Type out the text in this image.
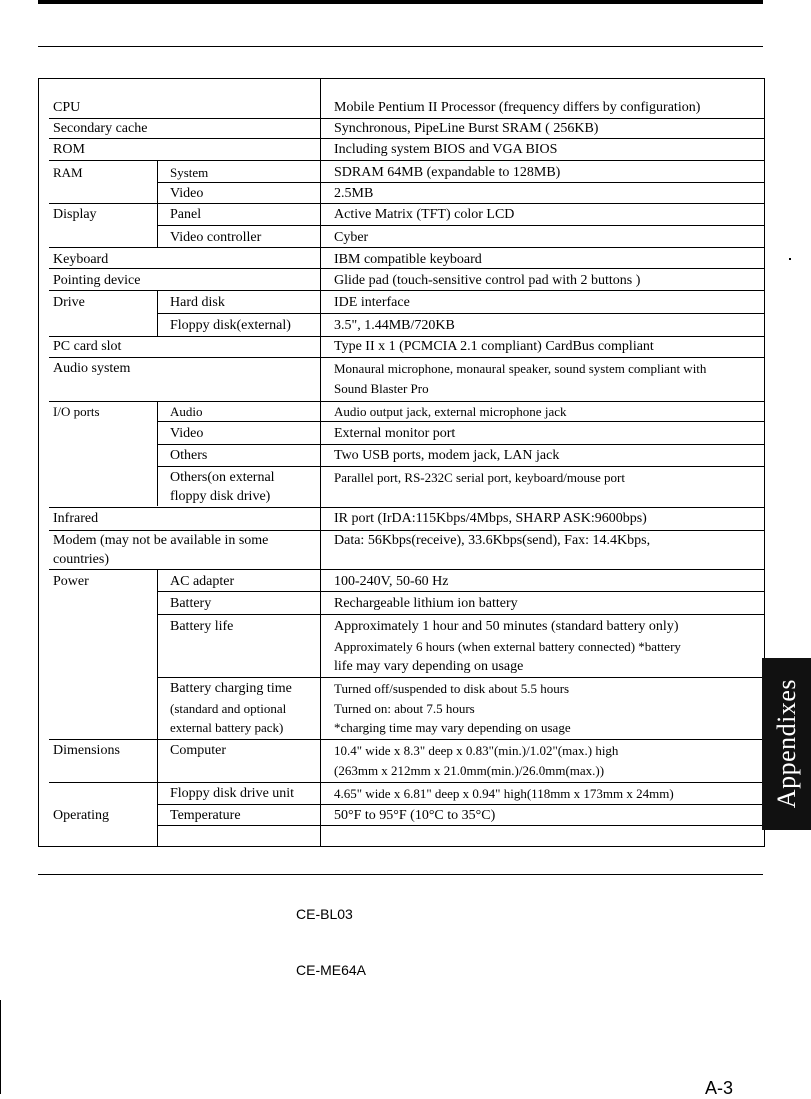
CPU
Secondary cache
ROM
RAM
Display
Keyboard
Pointing device
Drive
PC card slot
Audio system
I/O ports
Infrared
Modem (may not be available in some
countries)
Power
Dimensions
Operating
System
Video
Panel
Video controller
Hard disk
Floppy disk(external)
Audio
Video
Others
Others(on external
floppy disk drive)
AC adapter
Battery
Battery life
Battery charging time
(standard and optional
external battery pack)
Computer
Floppy disk drive unit
Temperature
Mobile Pentium II Processor (frequency differs by configuration)
Synchronous, PipeLine Burst SRAM ( 256KB)
Including system BIOS and VGA BIOS
SDRAM 64MB (expandable to 128MB)
2.5MB
Active Matrix (TFT) color LCD
Cyber
IBM compatible keyboard
Glide pad (touch-sensitive control pad with 2 buttons )
IDE interface
3.5", 1.44MB/720KB
Type II x 1 (PCMCIA 2.1 compliant) CardBus compliant
Monaural microphone, monaural speaker, sound system compliant with
Sound Blaster Pro
Audio output jack, external microphone jack
External monitor port
Two USB ports, modem jack, LAN jack
Parallel port, RS-232C serial port, keyboard/mouse port
IR port (IrDA:115Kbps/4Mbps, SHARP ASK:9600bps)
Data: 56Kbps(receive), 33.6Kbps(send), Fax: 14.4Kbps,
100-240V, 50-60 Hz
Rechargeable lithium ion battery
Approximately 1 hour and 50 minutes (standard battery only)
Approximately 6 hours (when external battery connected) *battery
life may vary depending on usage
Turned off/suspended to disk about 5.5 hours
Turned on: about 7.5 hours
*charging time may vary depending on usage
10.4" wide x 8.3" deep x 0.83"(min.)/1.02"(max.) high
(263mm x 212mm x 21.0mm(min.)/26.0mm(max.))
4.65" wide x 6.81" deep x 0.94" high(118mm x 173mm x 24mm)
50°F to 95°F (10°C to 35°C)
Appendixes
CE-BL03
CE-ME64A
A-3
